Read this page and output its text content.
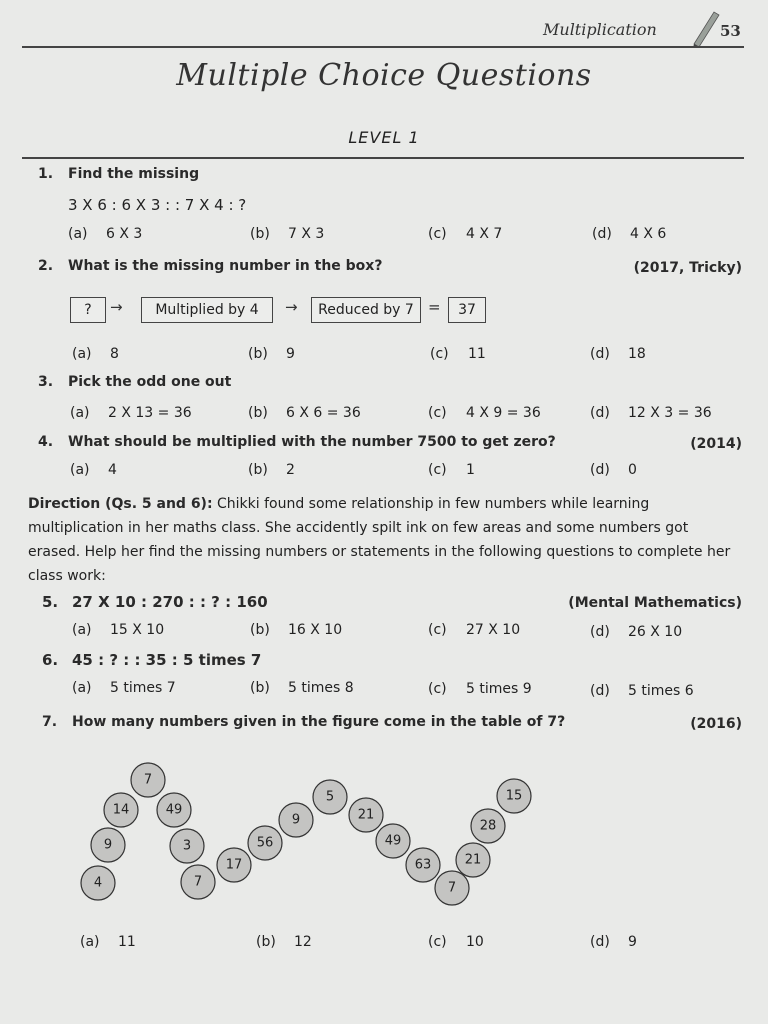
Multiplication	53
Multiple Choice Questions
LEVEL 1
1. Find the missing
3 X 6 : 6 X 3 : : 7 X 4 : ?
(a) 6 X 3	(b) 7 X 3	(c) 4 X 7	(d) 4 X 6
2. What is the missing number in the box?	(2017, Tricky)
?	→	Multiplied by 4	→	Reduced by 7 =	37
(a) 8	(b) 9	(c) 11	(d) 18
3. Pick the odd one out
(a) 2 X 13 = 36	(b) 6 X 6 = 36	(c) 4 X 9 = 36	(d) 12 X 3 = 36
4. What should be multiplied with the number 7500 to get zero?	(2014)
(a) 4	(b) 2	(c) 1	(d) 0
Direction (Qs. 5 and 6): Chikki found some relationship in few numbers while learning multiplication in her maths class. She accidently spilt ink on few areas and some numbers got erased. Help her find the missing numbers or statements in the following questions to complete her class work:
5. 27 X 10 : 270 : : ? : 160	(Mental Mathematics)
(a) 15 X 10	(b) 16 X 10	(c) 27 X 10	(d) 26 X 10
6. 45 : ? : : 35 : 5 times 7
(a) 5 times 7	(b) 5 times 8	(c) 5 times 9	(d) 5 times 6
7. How many numbers given in the figure come in the table of 7?	(2016)
7
14	49
9	3
4	7
17
56
9
5
21
49
63
7
21
28
15
(a) 11	(b) 12	(c) 10	(d) 9
